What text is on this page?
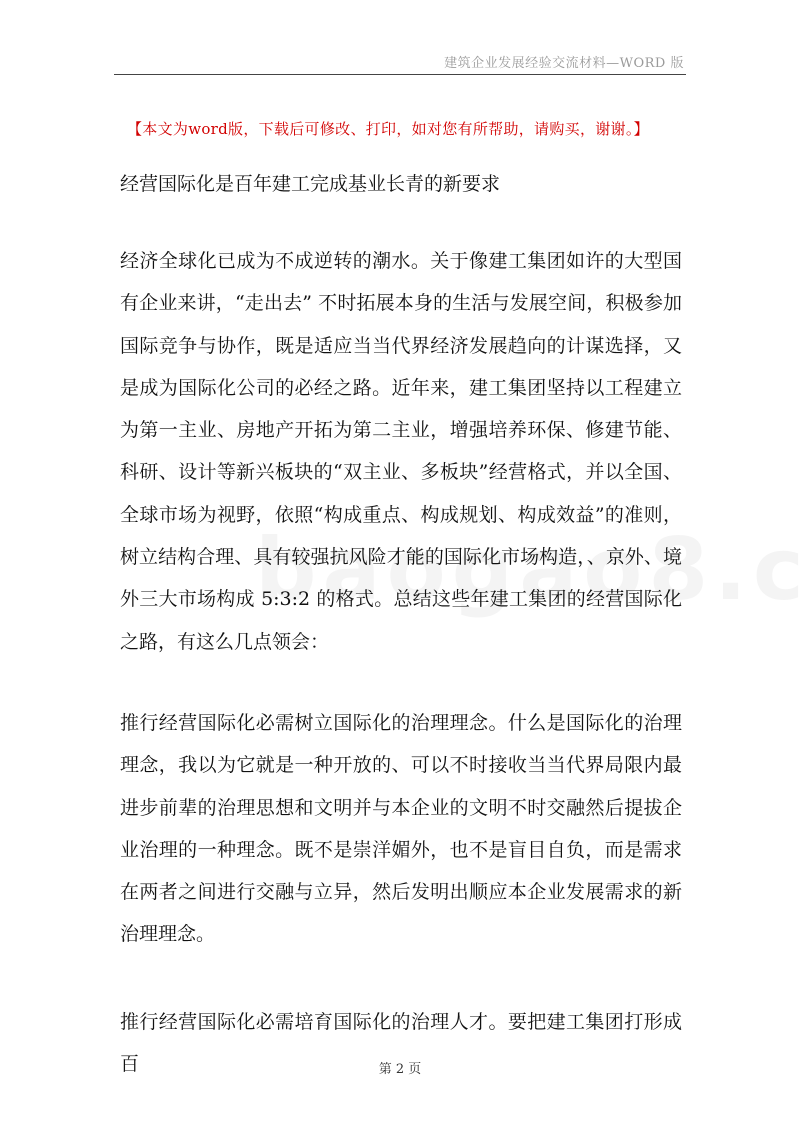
建筑企业发展经验交流材料—WORD 版
【本文为word版，下载后可修改、打印，如对您有所帮助，请购买，谢谢。】
经营国际化是百年建工完成基业长青的新要求

经济全球化已成为不成逆转的潮水。关于像建工集团如许的大型国有企业来讲，“走出去” 不时拓展本身的生活与发展空间，积极参加国际竞争与协作，既是适应当当代界经济发展趋向的计谋选择，又是成为国际化公司的必经之路。近年来，建工集团坚持以工程建立为第一主业、房地产开拓为第二主业，增强培养环保、修建节能、科研、设计等新兴板块的“双主业、多板块”经营格式，并以全国、全球市场为视野，依照“构成重点、构成规划、构成效益”的准则，树立结构合理、具有较强抗风险才能的国际化市场构造，、京外、境外三大市场构成 5:3:2 的格式。总结这些年建工集团的经营国际化之路，有这么几点领会：

推行经营国际化必需树立国际化的治理理念。什么是国际化的治理理念，我以为它就是一种开放的、可以不时接收当当代界局限内最进步前辈的治理思想和文明并与本企业的文明不时交融然后提拔企业治理的一种理念。既不是崇洋媚外，也不是盲目自负，而是需求在两者之间进行交融与立异，然后发明出顺应本企业发展需求的新治理理念。

推行经营国际化必需培育国际化的治理人才。要把建工集团打形成百	第 2 页
